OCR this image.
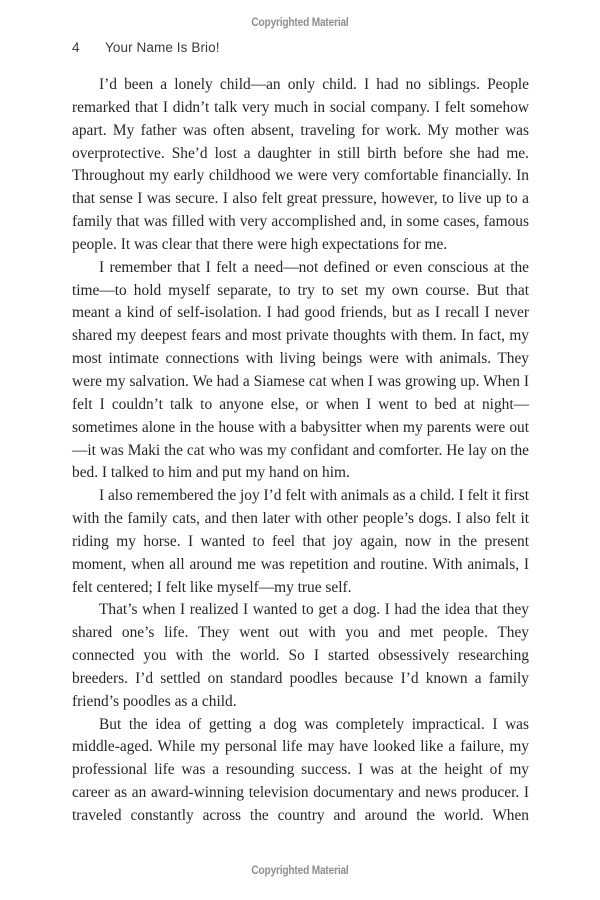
Copyrighted Material
4 Your Name Is Brio!

I’d been a lonely child—an only child. I had no siblings. People remarked that I didn’t talk very much in social company. I felt somehow apart. My father was often absent, traveling for work. My mother was overprotective. She’d lost a daughter in still birth before she had me. Throughout my early childhood we were very comfortable financially. In that sense I was secure. I also felt great pressure, however, to live up to a family that was filled with very accomplished and, in some cases, famous people. It was clear that there were high expectations for me.

I remember that I felt a need—not defined or even conscious at the time—to hold myself separate, to try to set my own course. But that meant a kind of self-isolation. I had good friends, but as I recall I never shared my deepest fears and most private thoughts with them. In fact, my most intimate connections with living beings were with animals. They were my salvation. We had a Siamese cat when I was growing up. When I felt I couldn’t talk to anyone else, or when I went to bed at night—sometimes alone in the house with a babysitter when my parents were out—it was Maki the cat who was my confidant and comforter. He lay on the bed. I talked to him and put my hand on him.

I also remembered the joy I’d felt with animals as a child. I felt it first with the family cats, and then later with other people’s dogs. I also felt it riding my horse. I wanted to feel that joy again, now in the present moment, when all around me was repetition and routine. With animals, I felt centered; I felt like myself—my true self.

That’s when I realized I wanted to get a dog. I had the idea that they shared one’s life. They went out with you and met people. They connected you with the world. So I started obsessively researching breeders. I’d settled on standard poodles because I’d known a family friend’s poodles as a child.

But the idea of getting a dog was completely impractical. I was middle-aged. While my personal life may have looked like a failure, my professional life was a resounding success. I was at the height of my career as an award-winning television documentary and news producer. I traveled constantly across the country and around the world. When

Copyrighted Material
